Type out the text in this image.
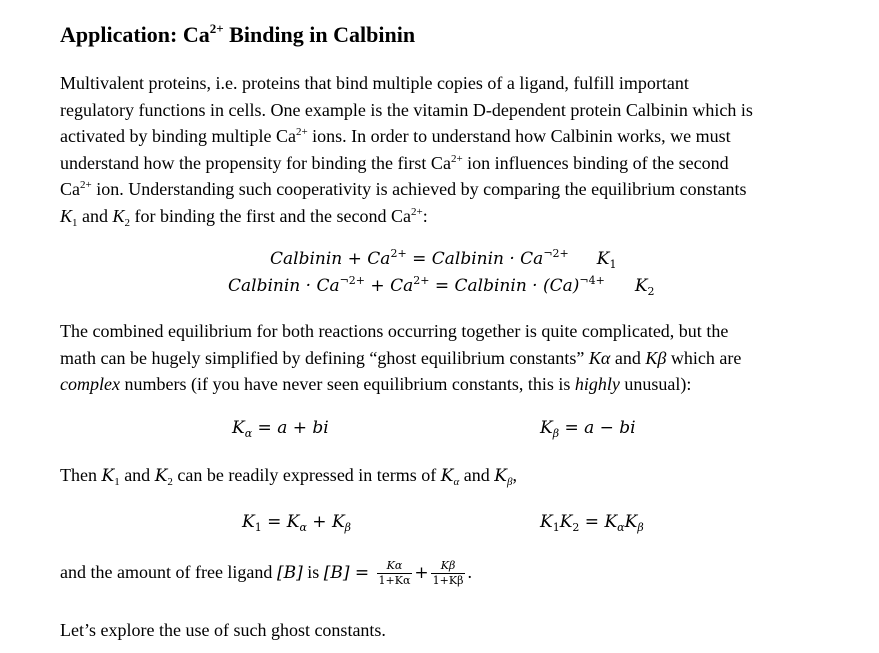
Application: $Ca^{2+}$ Binding in Calbinin
Multivalent proteins, i.e. proteins that bind multiple copies of a ligand, fulfill important
regulatory functions in cells. One example is the vitamin D-dependent protein Calbinin which is
activated by binding multiple $Ca^{2+}$ ions. In order to understand how Calbinin works, we must
understand how the propensity for binding the first $Ca^{2+}$ ion influences binding of the second
$Ca^{2+}$ ion. Understanding such cooperativity is achieved by comparing the equilibrium constants
$K_1$ and $K_2$ for binding the first and the second $Ca^{2+}$:
Calbinin + $Ca^{2+}$ = Calbinin · $Ca^{\neg 2+}$ $K_1$
Calbinin · $Ca^{\neg 2+} + Ca^{2+}$ = Calbinin · $(Ca)^{\neg 4+}$ $K_2$
The combined equilibrium for both reactions occurring together is quite complicated, but the
math can be hugely simplified by defining “ghost equilibrium constants” Kα and Kβ which are
complex numbers (if you have never seen equilibrium constants, this is highly unusual):
$K_\alpha = a$ + bi	$K_\beta = a$ − bi
Then $K_1$ and $K_2$ can be readily expressed in terms of $K_\alpha$ and $K_\beta$,
$K_1 = K_\alpha + K_\beta$	$K_1K_2 = K_\alpha K_\beta$
and the amount of free ligand [B] is $[B] = \frac{K\alpha}{1+K\alpha} + \frac{K\beta}{1+K\beta}$ .
Let’s explore the use of such ghost constants.
